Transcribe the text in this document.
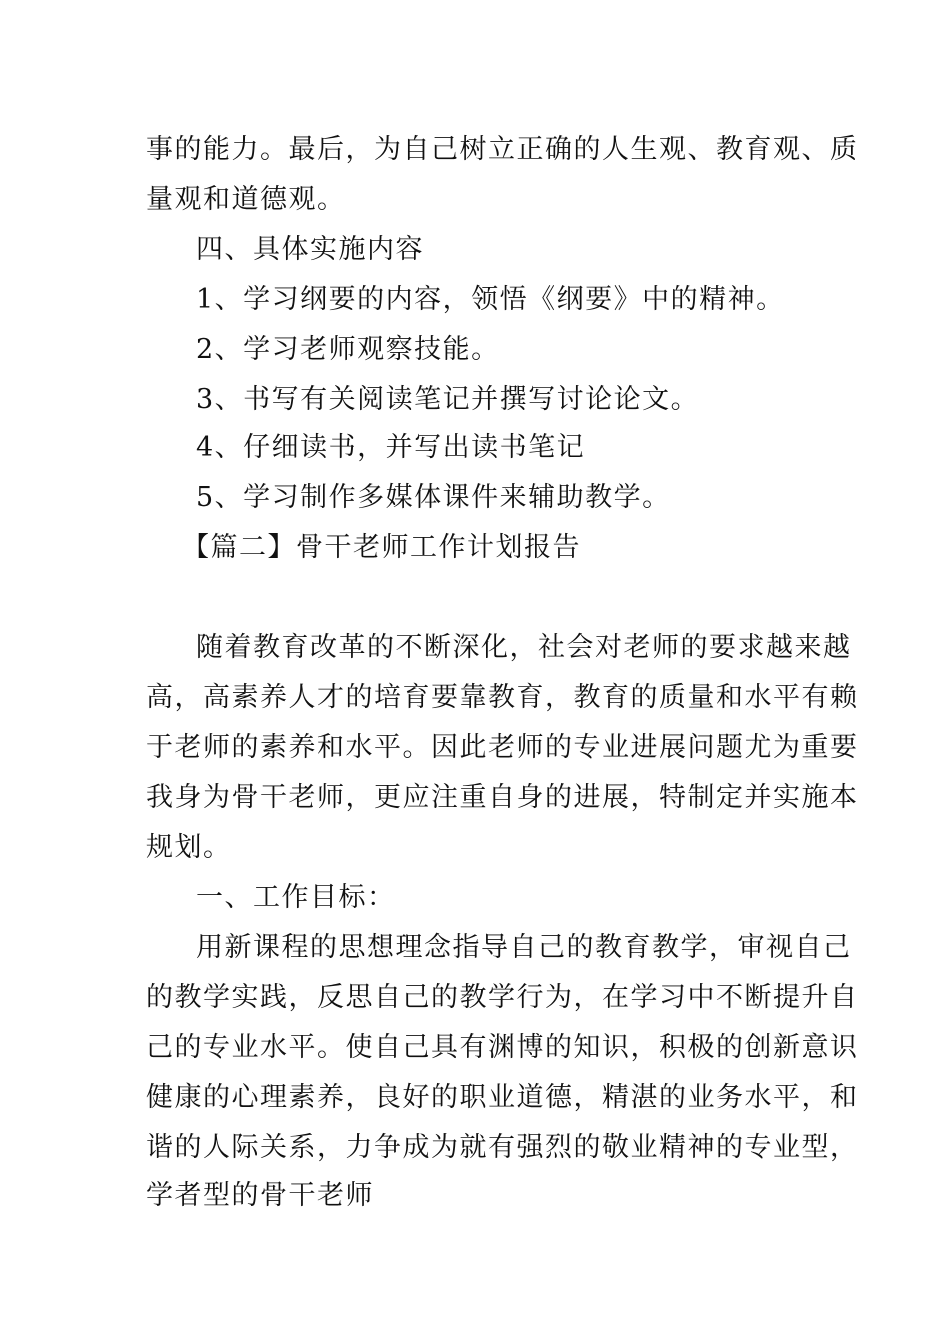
事的能力。最后，为自己树立正确的人生观、教育观、质
量观和道德观。
四、具体实施内容
1、学习纲要的内容，领悟《纲要》中的精神。
2、学习老师观察技能。
3、书写有关阅读笔记并撰写讨论论文。
4、仔细读书，并写出读书笔记
5、学习制作多媒体课件来辅助教学。
【篇二】骨干老师工作计划报告
随着教育改革的不断深化，社会对老师的要求越来越
高，高素养人才的培育要靠教育，教育的质量和水平有赖
于老师的素养和水平。因此老师的专业进展问题尤为重要
我身为骨干老师，更应注重自身的进展，特制定并实施本
规划。
一、工作目标：
用新课程的思想理念指导自己的教育教学，审视自己
的教学实践，反思自己的教学行为，在学习中不断提升自
己的专业水平。使自己具有渊博的知识，积极的创新意识
健康的心理素养，良好的职业道德，精湛的业务水平，和
谐的人际关系，力争成为就有强烈的敬业精神的专业型，
学者型的骨干老师
